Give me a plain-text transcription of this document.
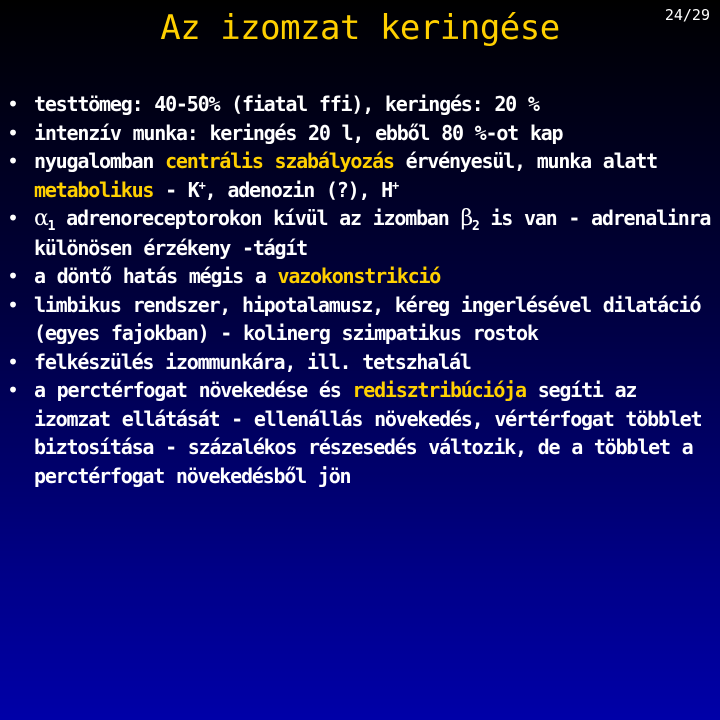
Az izomzat keringése	24/29
• testtömeg: 40-50% (fiatal ffi), keringés: 20 %
• intenzív munka: keringés 20 l, ebből 80 %-ot kap
• nyugalomban centrális szabályozás érvényesül, munka alatt metabolikus - K+, adenozin (?), H+
• $\alpha_1$ adrenoreceptorokon kívül az izomban $\beta_2$ is van - adrenalinra különösen érzékeny -tágít
• a döntő hatás mégis a vazokonstrikció
• limbikus rendszer, hipotalamusz, kéreg ingerlésével dilatáció (egyes fajokban) - kolinerg szimpatikus rostok
• felkészülés izommunkára, ill. tetszhalál
• a perctérfogat növekedése és redisztribúciója segíti az izomzat ellátását - ellenállás növekedés, vértérfogat többlet biztosítása - százalékos részesedés változik, de a többlet a perctérfogat növekedésből jön
